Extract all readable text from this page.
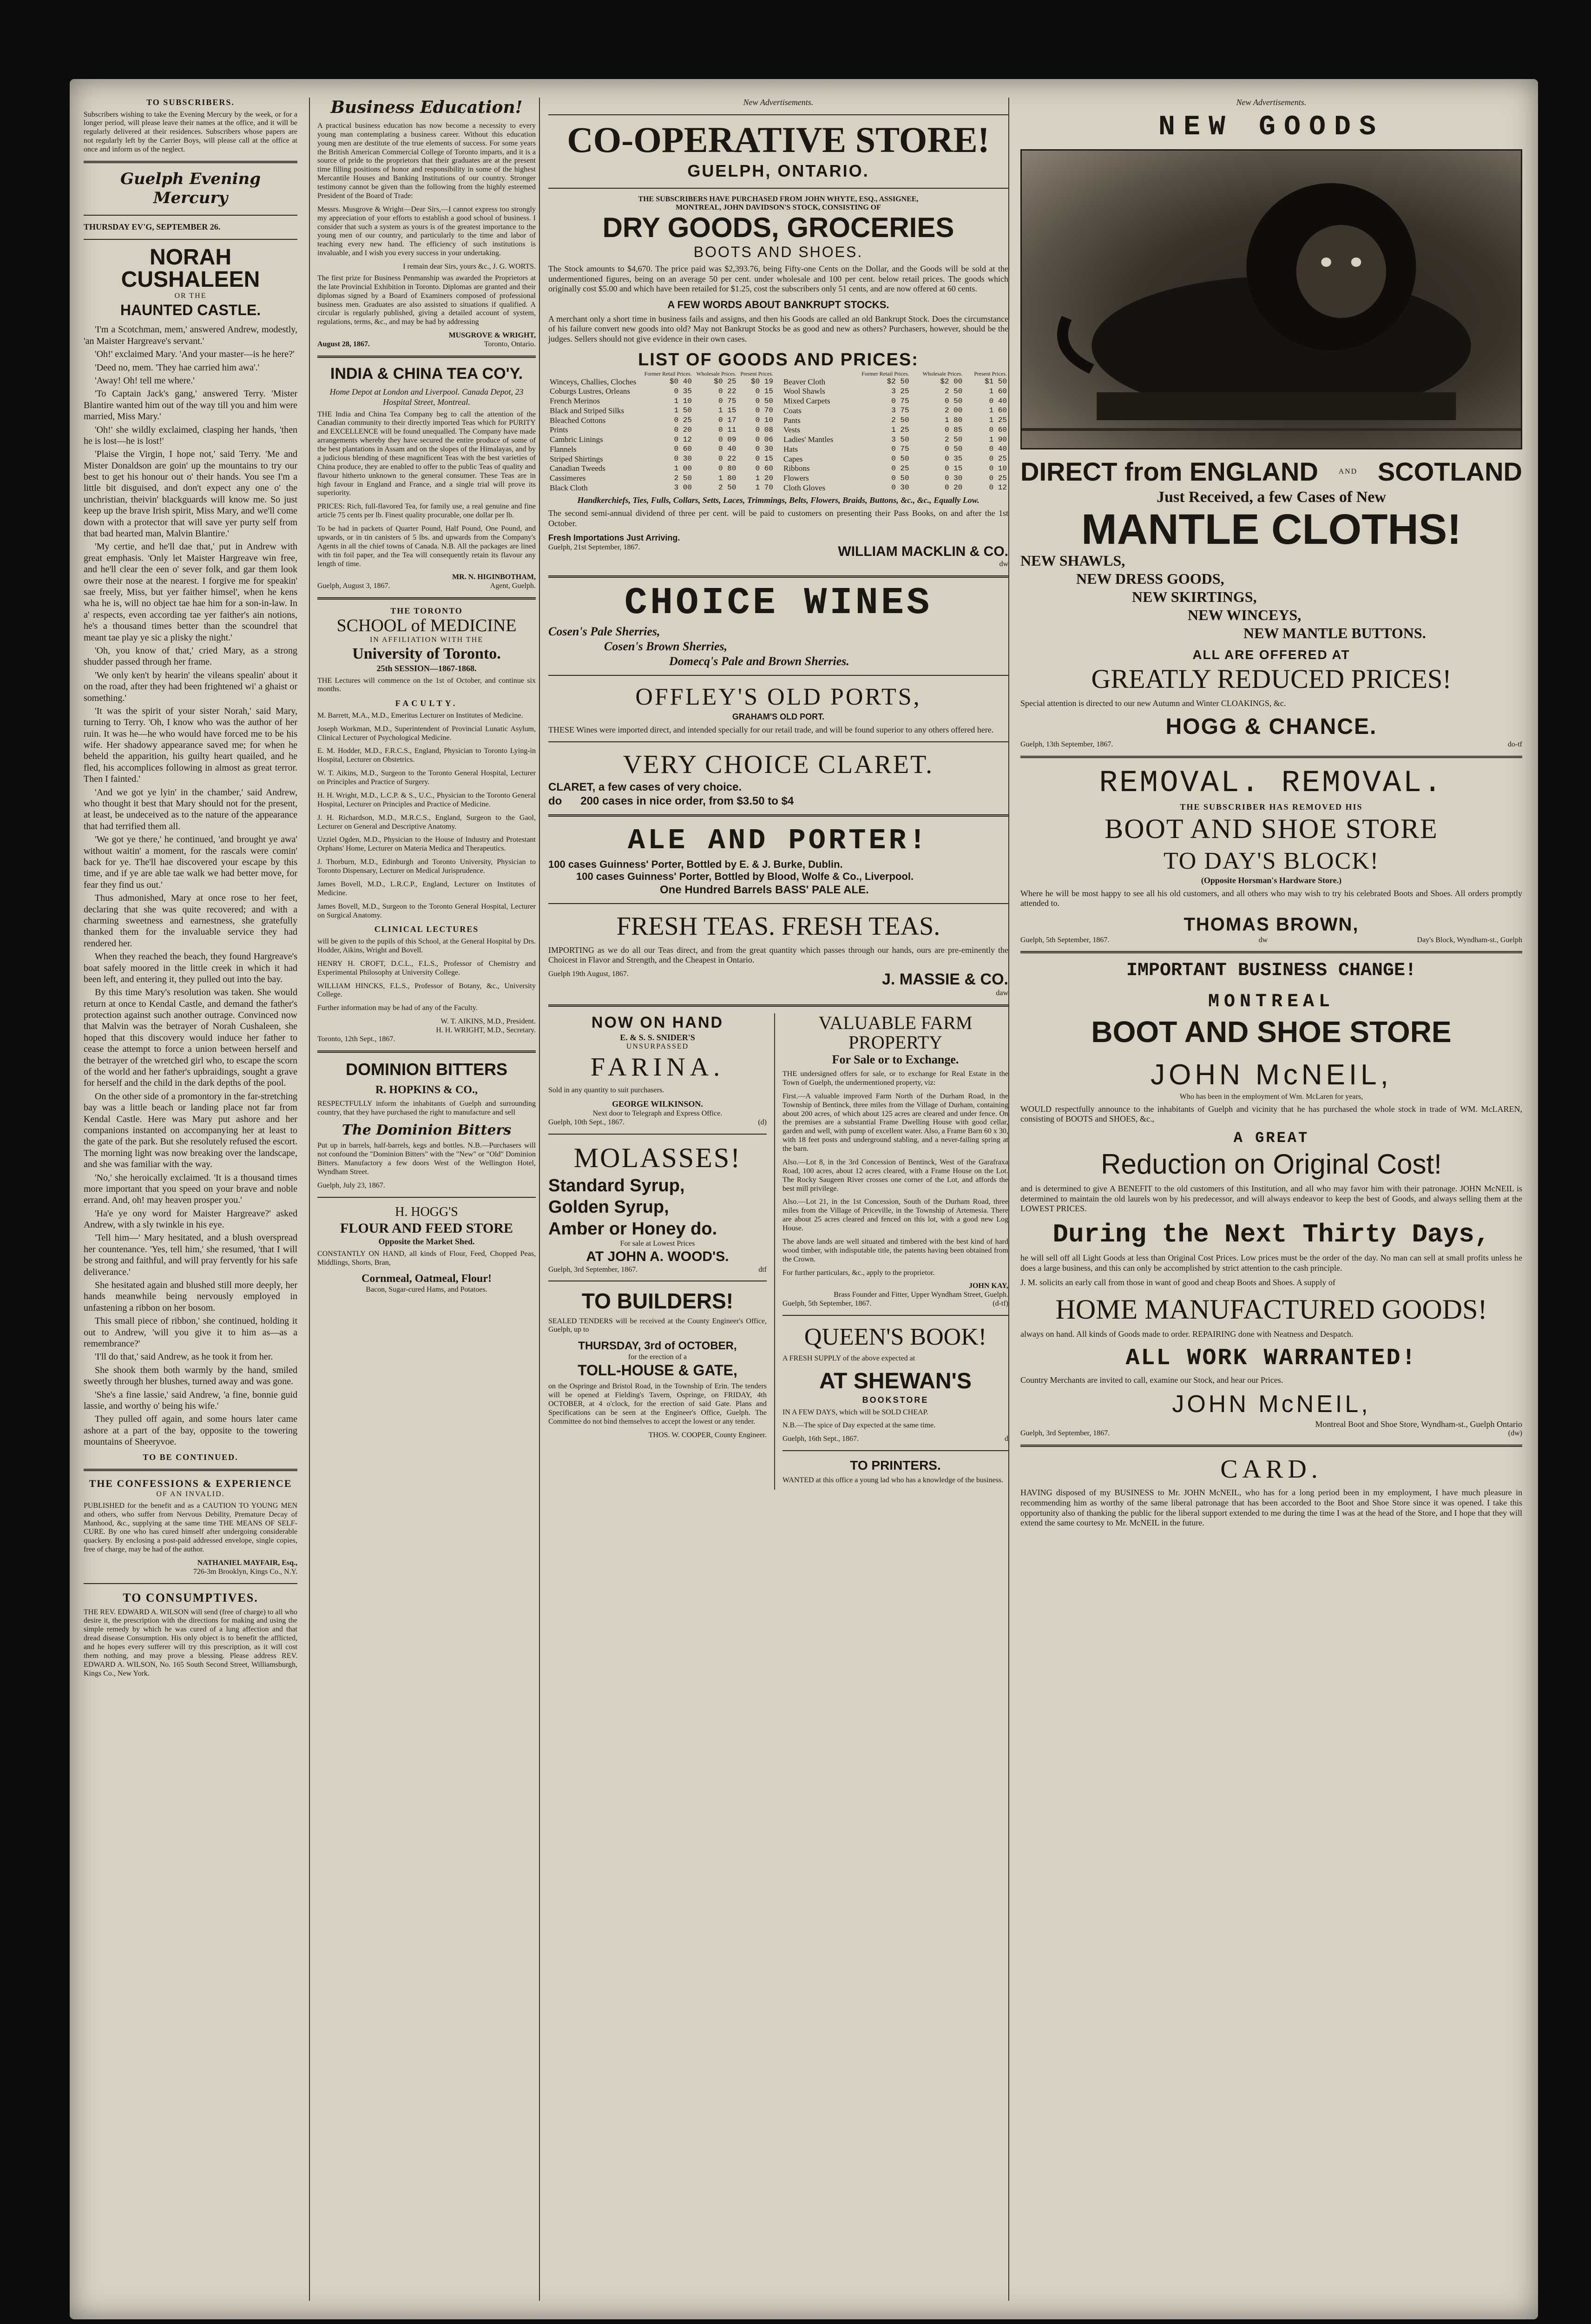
TO SUBSCRIBERS.
Subscribers wishing to take the Evening Mercury by the week, or for a longer period, will please leave their names at the office, and it will be regularly delivered at their residences. Subscribers whose papers are not regularly left by the Carrier Boys, will please call at the office at once and inform us of the neglect.
Guelph Evening Mercury
THURSDAY EV'G, SEPTEMBER 26.
NORAH CUSHALEEN
OR THE
HAUNTED CASTLE.

'I'm a Scotchman, mem,' answered Andrew, modestly, 'an Maister Hargreave's servant.'

'Oh!' exclaimed Mary. 'And your master—is he here?'

'Deed no, mem. 'They hae carried him awa'.'

'Away! Oh! tell me where.'

'To Captain Jack's gang,' answered Terry. 'Mister Blantire wanted him out of the way till you and him were married, Miss Mary.'

'Oh!' she wildly exclaimed, clasping her hands, 'then he is lost—he is lost!'

'Plaise the Virgin, I hope not,' said Terry. 'Me and Mister Donaldson are goin' up the mountains to try our best to get his honour out o' their hands. You see I'm a little bit disguised, and don't expect any one o' the unchristian, theivin' blackguards will know me. So just keep up the brave Irish spirit, Miss Mary, and we'll come down with a protector that will save yer purty self from that bad hearted man, Malvin Blantire.'

'My certie, and he'll dae that,' put in Andrew with great emphasis. 'Only let Maister Hargreave win free, and he'll clear the een o' sever folk, and gar them look owre their nose at the nearest. I forgive me for speakin' sae freely, Miss, but yer faither himsel', when he kens wha he is, will no object tae hae him for a son-in-law. In a' respects, even according tae yer faither's ain notions, he's a thousand times better than the scoundrel that meant tae play ye sic a plisky the night.'

'Oh, you know of that,' cried Mary, as a strong shudder passed through her frame.

'We only ken't by hearin' the vileans spealin' about it on the road, after they had been frightened wi' a ghaist or something.'

'It was the spirit of your sister Norah,' said Mary, turning to Terry. 'Oh, I know who was the author of her ruin. It was he—he who would have forced me to be his wife. Her shadowy appearance saved me; for when he beheld the apparition, his guilty heart quailed, and he fled, his accomplices following in almost as great terror. Then I fainted.'

'And we got ye lyin' in the chamber,' said Andrew, who thought it best that Mary should not for the present, at least, be undeceived as to the nature of the appearance that had terrified them all.

'We got ye there,' he continued, 'and brought ye awa' without waitin' a moment, for the rascals were comin' back for ye. The'll hae discovered your escape by this time, and if ye are able tae walk we had better move, for fear they find us out.'

Thus admonished, Mary at once rose to her feet, declaring that she was quite recovered; and with a charming sweetness and earnestness, she gratefully thanked them for the invaluable service they had rendered her.

When they reached the beach, they found Hargreave's boat safely moored in the little creek in which it had been left, and entering it, they pulled out into the bay.

By this time Mary's resolution was taken. She would return at once to Kendal Castle, and demand the father's protection against such another outrage. Convinced now that Malvin was the betrayer of Norah Cushaleen, she hoped that this discovery would induce her father to cease the attempt to force a union between herself and the betrayer of the wretched girl who, to escape the scorn of the world and her father's upbraidings, sought a grave for herself and the child in the dark depths of the pool.

On the other side of a promontory in the far-stretching bay was a little beach or landing place not far from Kendal Castle. Here was Mary put ashore and her companions instanted on accompanying her at least to the gate of the park. But she resolutely refused the escort. The morning light was now breaking over the landscape, and she was familiar with the way.

'No,' she heroically exclaimed. 'It is a thousand times more important that you speed on your brave and noble errand. And, oh! may heaven prosper you.'

'Ha'e ye ony word for Maister Hargreave?' asked Andrew, with a sly twinkle in his eye.

'Tell him—' Mary hesitated, and a blush overspread her countenance. 'Yes, tell him,' she resumed, 'that I will be strong and faithful, and will pray fervently for his safe deliverance.'

She hesitated again and blushed still more deeply, her hands meanwhile being nervously employed in unfastening a ribbon on her bosom.

This small piece of ribbon,' she continued, holding it out to Andrew, 'will you give it to him as—as a remembrance?'

'I'll do that,' said Andrew, as he took it from her.

She shook them both warmly by the hand, smiled sweetly through her blushes, turned away and was gone.

'She's a fine lassie,' said Andrew, 'a fine, bonnie guid lassie, and worthy o' being his wife.'

They pulled off again, and some hours later came ashore at a part of the bay, opposite to the towering mountains of Sheeryvoe.

TO BE CONTINUED.
THE CONFESSIONS & EXPERIENCE
OF AN INVALID.
PUBLISHED for the benefit and as a CAUTION TO YOUNG MEN and others, who suffer from Nervous Debility, Premature Decay of Manhood, &c., supplying at the same time THE MEANS OF SELF-CURE. By one who has cured himself after undergoing considerable quackery. By enclosing a post-paid addressed envelope, single copies, free of charge, may be had of the author.
NATHANIEL MAYFAIR, Esq.,
726-3m Brooklyn, Kings Co., N.Y.
TO CONSUMPTIVES.
THE REV. EDWARD A. WILSON will send (free of charge) to all who desire it, the prescription with the directions for making and using the simple remedy by which he was cured of a lung affection and that dread disease Consumption. His only object is to benefit the afflicted, and he hopes every sufferer will try this prescription, as it will cost them nothing, and may prove a blessing. Please address REV. EDWARD A. WILSON, No. 165 South Second Street, Williamsburgh, Kings Co., New York.
Business Education!
A practical business education has now become a necessity to every young man contemplating a business career. Without this education young men are destitute of the true elements of success. For some years the British American Commercial College of Toronto imparts, and it is a source of pride to the proprietors that their graduates are at the present time filling positions of honor and responsibility in some of the highest Mercantile Houses and Banking Institutions of our country. Stronger testimony cannot be given than the following from the highly esteemed President of the Board of Trade:
Messrs. Musgrove & Wright—Dear Sirs,—I cannot express too strongly my appreciation of your efforts to establish a good school of business. I consider that such a system as yours is of the greatest importance to the young men of our country, and particularly to the time and labor of teaching every new hand. The efficiency of such institutions is invaluable, and I wish you every success in your undertaking.
I remain dear Sirs, yours &c., J. G. WORTS.
The first prize for Business Penmanship was awarded the Proprietors at the late Provincial Exhibition in Toronto. Diplomas are granted and their diplomas signed by a Board of Examiners composed of professional business men. Graduates are also assisted to situations if qualified. A circular is regularly published, giving a detailed account of system, regulations, terms, &c., and may be had by addressing
MUSGROVE & WRIGHT,
August 28, 1867.	Toronto, Ontario.
INDIA & CHINA TEA CO'Y.
Home Depot at London and Liverpool. Canada Depot, 23 Hospital Street, Montreal.
THE India and China Tea Company beg to call the attention of the Canadian community to their directly imported Teas which for PURITY and EXCELLENCE will be found unequalled. The Company have made arrangements whereby they have secured the entire produce of some of the best plantations in Assam and on the slopes of the Himalayas, and by a judicious blending of these magnificent Teas with the best varieties of China produce, they are enabled to offer to the public Teas of quality and flavour hitherto unknown to the general consumer. These Teas are in high favour in England and France, and a single trial will prove its superiority.
PRICES: Rich, full-flavored Tea, for family use, a real genuine and fine article 75 cents per lb. Finest quality procurable, one dollar per lb.
To be had in packets of Quarter Pound, Half Pound, One Pound, and upwards, or in tin canisters of 5 lbs. and upwards from the Company's Agents in all the chief towns of Canada. N.B. All the packages are lined with tin foil paper, and the Tea will consequently retain its flavour any length of time.
MR. N. HIGINBOTHAM,
Guelph, August 3, 1867.	Agent, Guelph.
THE TORONTO
SCHOOL of MEDICINE
IN AFFILIATION WITH THE
University of Toronto.
25th SESSION—1867-1868.
THE Lectures will commence on the 1st of October, and continue six months.
FACULTY.
M. Barrett, M.A., M.D., Emeritus Lecturer on Institutes of Medicine.
Joseph Workman, M.D., Superintendent of Provincial Lunatic Asylum, Clinical Lecturer of Psychological Medicine.
E. M. Hodder, M.D., F.R.C.S., England, Physician to Toronto Lying-in Hospital, Lecturer on Obstetrics.
W. T. Aikins, M.D., Surgeon to the Toronto General Hospital, Lecturer on Principles and Practice of Surgery.
H. H. Wright, M.D., L.C.P. & S., U.C., Physician to the Toronto General Hospital, Lecturer on Principles and Practice of Medicine.
J. H. Richardson, M.D., M.R.C.S., England, Surgeon to the Gaol, Lecturer on General and Descriptive Anatomy.
Uzziel Ogden, M.D., Physician to the House of Industry and Protestant Orphans' Home, Lecturer on Materia Medica and Therapeutics.
J. Thorburn, M.D., Edinburgh and Toronto University, Physician to Toronto Dispensary, Lecturer on Medical Jurisprudence.
James Bovell, M.D., L.R.C.P., England, Lecturer on Institutes of Medicine.
James Bovell, M.D., Surgeon to the Toronto General Hospital, Lecturer on Surgical Anatomy.
CLINICAL LECTURES
will be given to the pupils of this School, at the General Hospital by Drs. Hodder, Aikins, Wright and Bovell.
HENRY H. CROFT, D.C.L., F.L.S., Professor of Chemistry and Experimental Philosophy at University College.
WILLIAM HINCKS, F.L.S., Professor of Botany, &c., University College.
Further information may be had of any of the Faculty.
W. T. AIKINS, M.D., President.
H. H. WRIGHT, M.D., Secretary.
Toronto, 12th Sept., 1867.
DOMINION BITTERS
R. HOPKINS & CO.,
RESPECTFULLY inform the inhabitants of Guelph and surrounding country, that they have purchased the right to manufacture and sell
The Dominion Bitters
Put up in barrels, half-barrels, kegs and bottles. N.B.—Purchasers will not confound the "Dominion Bitters" with the "New" or "Old" Dominion Bitters. Manufactory a few doors West of the Wellington Hotel, Wyndham Street.
Guelph, July 23, 1867.
H. HOGG'S
FLOUR AND FEED STORE
Opposite the Market Shed.
CONSTANTLY ON HAND, all kinds of Flour, Feed, Chopped Peas, Middlings, Shorts, Bran,
Cornmeal, Oatmeal, Flour!
Bacon, Sugar-cured Hams, and Potatoes.
New Advertisements.
CO-OPERATIVE STORE!
GUELPH, ONTARIO.
THE SUBSCRIBERS HAVE PURCHASED FROM JOHN WHYTE, ESQ., ASSIGNEE,
MONTREAL, JOHN DAVIDSON'S STOCK, CONSISTING OF
DRY GOODS, GROCERIES
BOOTS AND SHOES.
The Stock amounts to $4,670. The price paid was $2,393.76, being Fifty-one Cents on the Dollar, and the Goods will be sold at the undermentioned figures, being on an average 50 per cent. under wholesale and 100 per cent. below retail prices. The goods which originally cost $5.00 and which have been retailed for $1.25, cost the subscribers only 51 cents, and are now offered at 60 cents.
A FEW WORDS ABOUT BANKRUPT STOCKS.
A merchant only a short time in business fails and assigns, and then his Goods are called an old Bankrupt Stock. Does the circumstance of his failure convert new goods into old? May not Bankrupt Stocks be as good and new as others? Purchasers, however, should be the judges. Sellers should not give evidence in their own cases.
LIST OF GOODS AND PRICES:
	Former Retail Prices.	Wholesale Prices.	Present Prices.
Winceys, Challies, Cloches	$0 40	$0 25	$0 19
Coburgs Lustres, Orleans	0 35	0 22	0 15
French Merinos	1 10	0 75	0 50
Black and Striped Silks	1 50	1 15	0 70
Bleached Cottons	0 25	0 17	0 10
Prints	0 20	0 11	0 08
Cambric Linings	0 12	0 09	0 06
Flannels	0 60	0 40	0 30
Striped Shirtings	0 30	0 22	0 15
Canadian Tweeds	1 00	0 80	0 60
Cassimeres	2 50	1 80	1 20
Black Cloth	3 00	2 50	1 70
	Former Retail Prices.	Wholesale Prices.	Present Prices.
Beaver Cloth	$2 50	$2 00	$1 50
Wool Shawls	3 25	2 50	1 60
Mixed Carpets	0 75	0 50	0 40
Coats	3 75	2 00	1 60
Pants	2 50	1 80	1 25
Vests	1 25	0 85	0 60
Ladies' Mantles	3 50	2 50	1 90
Hats	0 75	0 50	0 40
Capes	0 50	0 35	0 25
Ribbons	0 25	0 15	0 10
Flowers	0 50	0 30	0 25
Cloth Gloves	0 30	0 20	0 12
Handkerchiefs, Ties, Fulls, Collars, Setts, Laces, Trimmings, Belts, Flowers, Braids, Buttons, &c., &c., Equally Low.
The second semi-annual dividend of three per cent. will be paid to customers on presenting their Pass Books, on and after the 1st October.
Fresh Importations Just Arriving.
Guelph, 21st September, 1867.	WILLIAM MACKLIN & CO.
dw
CHOICE WINES
Cosen's Pale Sherries,
Cosen's Brown Sherries,
Domecq's Pale and Brown Sherries.
OFFLEY'S OLD PORTS,
GRAHAM'S OLD PORT.
THESE Wines were imported direct, and intended specially for our retail trade, and will be found superior to any others offered here.
VERY CHOICE CLARET.
CLARET, a few cases of very choice.
do      200 cases in nice order, from $3.50 to $4
ALE AND PORTER!
100 cases Guinness' Porter, Bottled by E. & J. Burke, Dublin.
100 cases Guinness' Porter, Bottled by Blood, Wolfe & Co., Liverpool.
One Hundred Barrels BASS' PALE ALE.
FRESH TEAS. FRESH TEAS.
IMPORTING as we do all our Teas direct, and from the great quantity which passes through our hands, ours are pre-eminently the Choicest in Flavor and Strength, and the Cheapest in Ontario.
Guelph 19th August, 1867.	J. MASSIE & CO.
daw
NOW ON HAND
E. & S. S. SNIDER'S
UNSURPASSED
FARINA.
Sold in any quantity to suit purchasers.
GEORGE WILKINSON.
Next door to Telegraph and Express Office.
Guelph, 10th Sept., 1867.	(d)
MOLASSES!
Standard Syrup,
Golden Syrup,
Amber or Honey do.
For sale at Lowest Prices
AT JOHN A. WOOD'S.
Guelph, 3rd September, 1867.	dtf
TO BUILDERS!
SEALED TENDERS will be received at the County Engineer's Office, Guelph, up to
THURSDAY, 3rd of OCTOBER,
for the erection of a
TOLL-HOUSE & GATE,
on the Ospringe and Bristol Road, in the Township of Erin. The tenders will be opened at Fielding's Tavern, Ospringe, on FRIDAY, 4th OCTOBER, at 4 o'clock, for the erection of said Gate. Plans and Specifications can be seen at the Engineer's Office, Guelph. The Committee do not bind themselves to accept the lowest or any tender.
THOS. W. COOPER, County Engineer.
VALUABLE FARM PROPERTY
For Sale or to Exchange.
THE undersigned offers for sale, or to exchange for Real Estate in the Town of Guelph, the undermentioned property, viz:
First.—A valuable improved Farm North of the Durham Road, in the Township of Bentinck, three miles from the Village of Durham, containing about 200 acres, of which about 125 acres are cleared and under fence. On the premises are a substantial Frame Dwelling House with good cellar, garden and well, with pump of excellent water. Also, a Frame Barn 60 x 30, with 18 feet posts and underground stabling, and a never-failing spring at the barn.
Also.—Lot 8, in the 3rd Concession of Bentinck, West of the Garafraxa Road, 100 acres, about 12 acres cleared, with a Frame House on the Lot. The Rocky Saugeen River crosses one corner of the Lot, and affords the best mill privilege.
Also.—Lot 21, in the 1st Concession, South of the Durham Road, three miles from the Village of Priceville, in the Township of Artemesia. There are about 25 acres cleared and fenced on this lot, with a good new Log House.
The above lands are well situated and timbered with the best kind of hard wood timber, with indisputable title, the patents having been obtained from the Crown.
For further particulars, &c., apply to the proprietor.
JOHN KAY,
Brass Founder and Fitter, Upper Wyndham Street, Guelph.
Guelph, 5th September, 1867.	(d-tf)
QUEEN'S BOOK!
A FRESH SUPPLY of the above expected at
AT SHEWAN'S
BOOKSTORE
IN A FEW DAYS, which will be SOLD CHEAP.
N.B.—The spice of Day expected at the same time.
Guelph, 16th Sept., 1867.	d
TO PRINTERS.
WANTED at this office a young lad who has a knowledge of the business.
New Advertisements.
NEW GOODS
DIRECT from ENGLAND	AND SCOTLAND
Just Received, a few Cases of New
MANTLE CLOTHS!
NEW SHAWLS,
NEW DRESS GOODS,
NEW SKIRTINGS,
NEW WINCEYS,
NEW MANTLE BUTTONS.
ALL ARE OFFERED AT
GREATLY REDUCED PRICES!
Special attention is directed to our new Autumn and Winter CLOAKINGS, &c.
HOGG & CHANCE.
Guelph, 13th September, 1867.	do-tf
REMOVAL. REMOVAL.
THE SUBSCRIBER HAS REMOVED HIS
BOOT AND SHOE STORE
TO DAY'S BLOCK!
(Opposite Horsman's Hardware Store.)
Where he will be most happy to see all his old customers, and all others who may wish to try his celebrated Boots and Shoes. All orders promptly attended to.
THOMAS BROWN,
Guelph, 5th September, 1867.	dw	Day's Block, Wyndham-st., Guelph
IMPORTANT BUSINESS CHANGE!
MONTREAL
BOOT AND SHOE STORE
JOHN McNEIL,
Who has been in the employment of Wm. McLaren for years,
WOULD respectfully announce to the inhabitants of Guelph and vicinity that he has purchased the whole stock in trade of WM. McLAREN, consisting of BOOTS and SHOES, &c.,
A GREAT
Reduction on Original Cost!
and is determined to give A BENEFIT to the old customers of this Institution, and all who may favor him with their patronage. JOHN McNEIL is determined to maintain the old laurels won by his predecessor, and will always endeavor to keep the best of Goods, and always selling them at the LOWEST PRICES.
During the Next Thirty Days,
he will sell off all Light Goods at less than Original Cost Prices. Low prices must be the order of the day. No man can sell at small profits unless he does a large business, and this can only be accomplished by strict attention to the cash principle.
J. M. solicits an early call from those in want of good and cheap Boots and Shoes. A supply of
HOME MANUFACTURED GOODS!
always on hand. All kinds of Goods made to order. REPAIRING done with Neatness and Despatch.
ALL WORK WARRANTED!
Country Merchants are invited to call, examine our Stock, and hear our Prices.
JOHN McNEIL,
Montreal Boot and Shoe Store, Wyndham-st., Guelph Ontario
Guelph, 3rd September, 1867.	(dw)
CARD.
HAVING disposed of my BUSINESS to Mr. JOHN McNEIL, who has for a long period been in my employment, I have much pleasure in recommending him as worthy of the same liberal patronage that has been accorded to the Boot and Shoe Store since it was opened. I take this opportunity also of thanking the public for the liberal support extended to me during the time I was at the head of the Store, and I hope that they will extend the same courtesy to Mr. McNEIL in the future.
